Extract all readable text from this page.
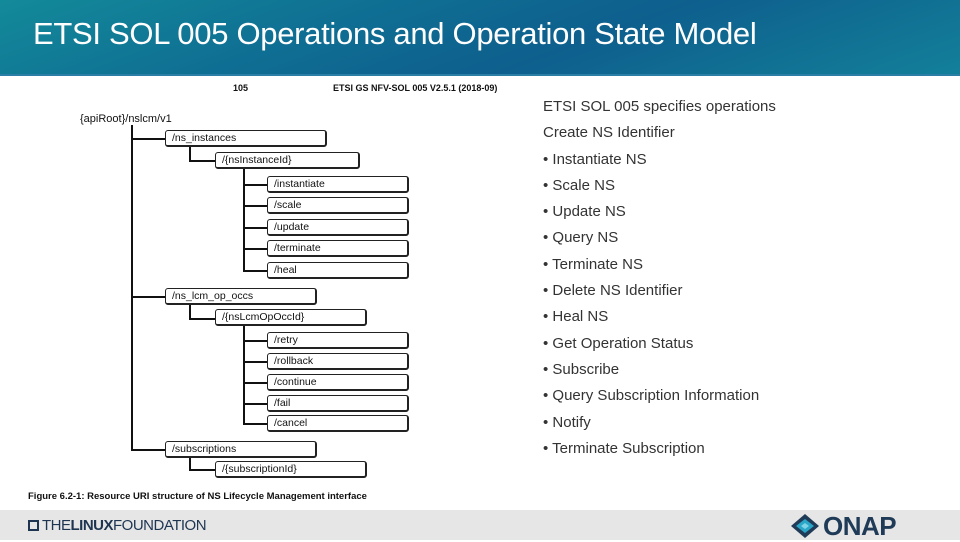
ETSI SOL 005 Operations and Operation State Model
105	ETSI GS NFV-SOL 005 V2.5.1 (2018-09)
{apiRoot}/nslcm/v1
/ns_instances
/{nsInstanceId}
/instantiate
/scale
/update
/terminate
/heal
/ns_lcm_op_occs
/{nsLcmOpOccId}
/retry
/rollback
/continue
/fail
/cancel
/subscriptions
/{subscriptionId}
Figure 6.2-1: Resource URI structure of NS Lifecycle Management interface
ETSI SOL 005 specifies operations
Create NS Identifier
• Instantiate NS
• Scale NS
• Update NS
• Query NS
• Terminate NS
• Delete NS Identifier
• Heal NS
• Get Operation Status
• Subscribe
• Query Subscription Information
• Notify
• Terminate Subscription
THELINUXFOUNDATION	ONAP
